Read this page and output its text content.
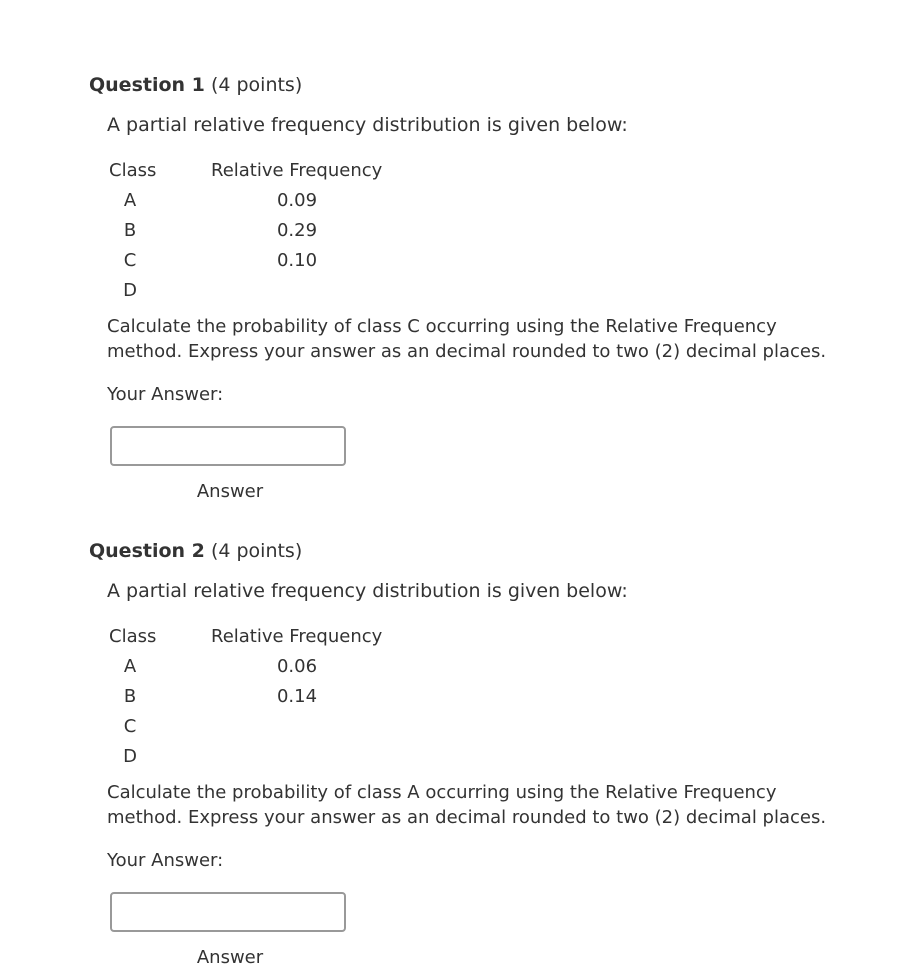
Question 1 (4 points)
A partial relative frequency distribution is given below:
Class	Relative Frequency
A	0.09
B	0.29
C	0.10
D
Calculate the probability of class C occurring using the Relative Frequency method. Express your answer as an decimal rounded to two (2) decimal places.
Your Answer:
Answer
Question 2 (4 points)
A partial relative frequency distribution is given below:
Class	Relative Frequency
A	0.06
B	0.14
C
D
Calculate the probability of class A occurring using the Relative Frequency method. Express your answer as an decimal rounded to two (2) decimal places.
Your Answer:
Answer
